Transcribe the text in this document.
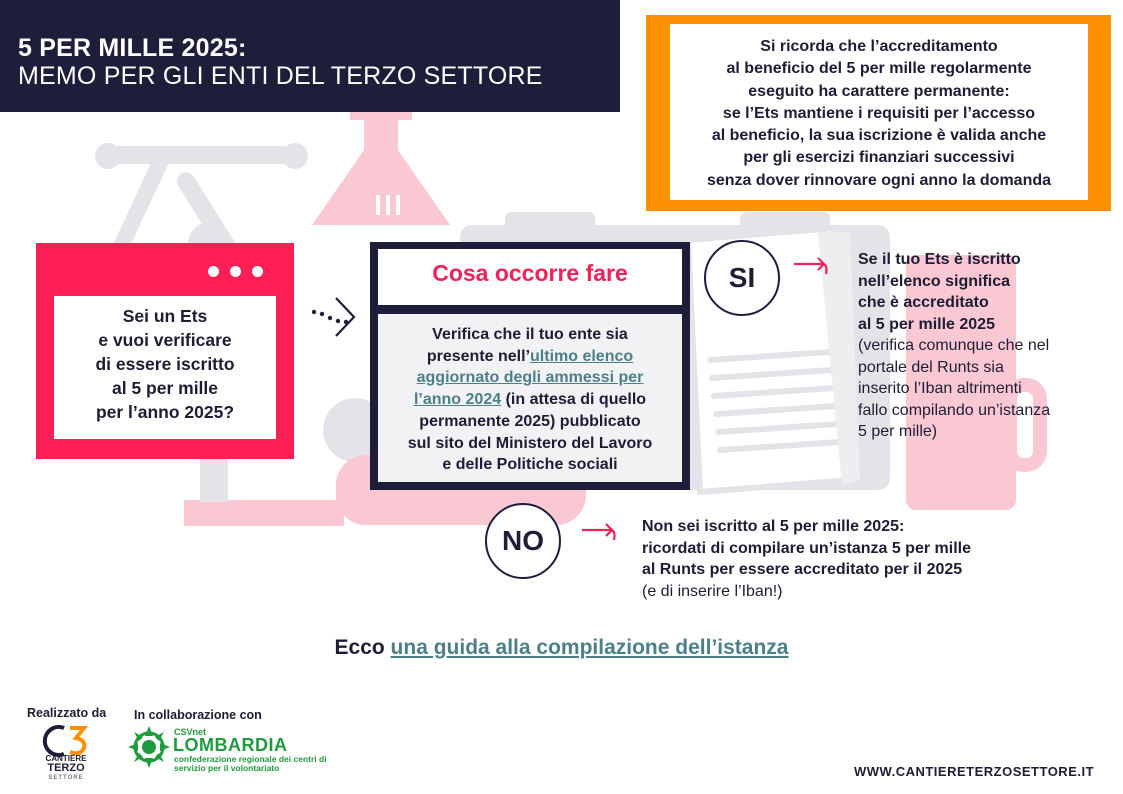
5 PER MILLE 2025:
MEMO PER GLI ENTI DEL TERZO SETTORE
Si ricorda che l’accreditamento
al beneficio del 5 per mille regolarmente
eseguito ha carattere permanente:
se l’Ets mantiene i requisiti per l’accesso
al beneficio, la sua iscrizione è valida anche
per gli esercizi finanziari successivi
senza dover rinnovare ogni anno la domanda
Sei un Ets
e vuoi verificare
di essere iscritto
al 5 per mille
per l’anno 2025?
Cosa occorre fare
Verifica che il tuo ente sia
presente nell’ultimo elenco
aggiornato degli ammessi per
l’anno 2024 (in attesa di quello
permanente 2025) pubblicato
sul sito del Ministero del Lavoro
e delle Politiche sociali
SI
Se il tuo Ets è iscritto
nell’elenco significa
che è accreditato
al 5 per mille 2025
(verifica comunque che nel
portale del Runts sia
inserito l’Iban altrimenti
fallo compilando un’istanza
5 per mille)
NO	Non sei iscritto al 5 per mille 2025:
ricordati di compilare un’istanza 5 per mille
al Runts per essere accreditato per il 2025
(e di inserire l’Iban!)
Ecco una guida alla compilazione dell’istanza
Realizzato da In collaborazione con
CANTIERE
TERZO
SETTORE
CSVnet
LOMBARDIA
confederazione regionale dei centri di servizio per il volontariato	WWW.CANTIERETERZOSETTORE.IT
